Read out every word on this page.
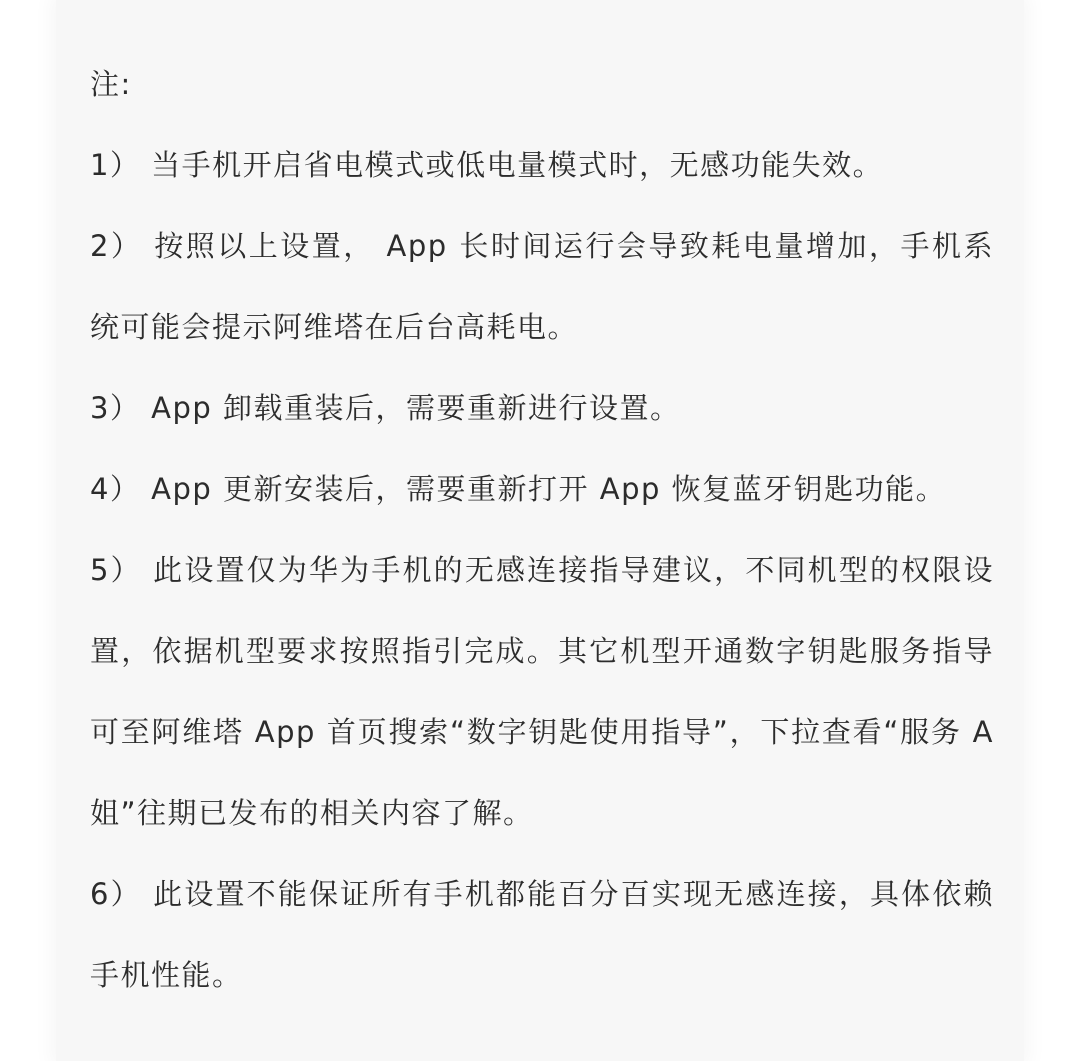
注:

1） 当手机开启省电模式或低电量模式时，无感功能失效。

2） 按照以上设置， App 长时间运行会导致耗电量增加，手机系统可能会提示阿维塔在后台高耗电。

3） App 卸载重装后，需要重新进行设置。

4） App 更新安装后，需要重新打开 App 恢复蓝牙钥匙功能。

5） 此设置仅为华为手机的无感连接指导建议，不同机型的权限设置，依据机型要求按照指引完成。其它机型开通数字钥匙服务指导可至阿维塔 App 首页搜索“数字钥匙使用指导”，下拉查看“服务 A 姐”往期已发布的相关内容了解。

6） 此设置不能保证所有手机都能百分百实现无感连接，具体依赖手机性能。
